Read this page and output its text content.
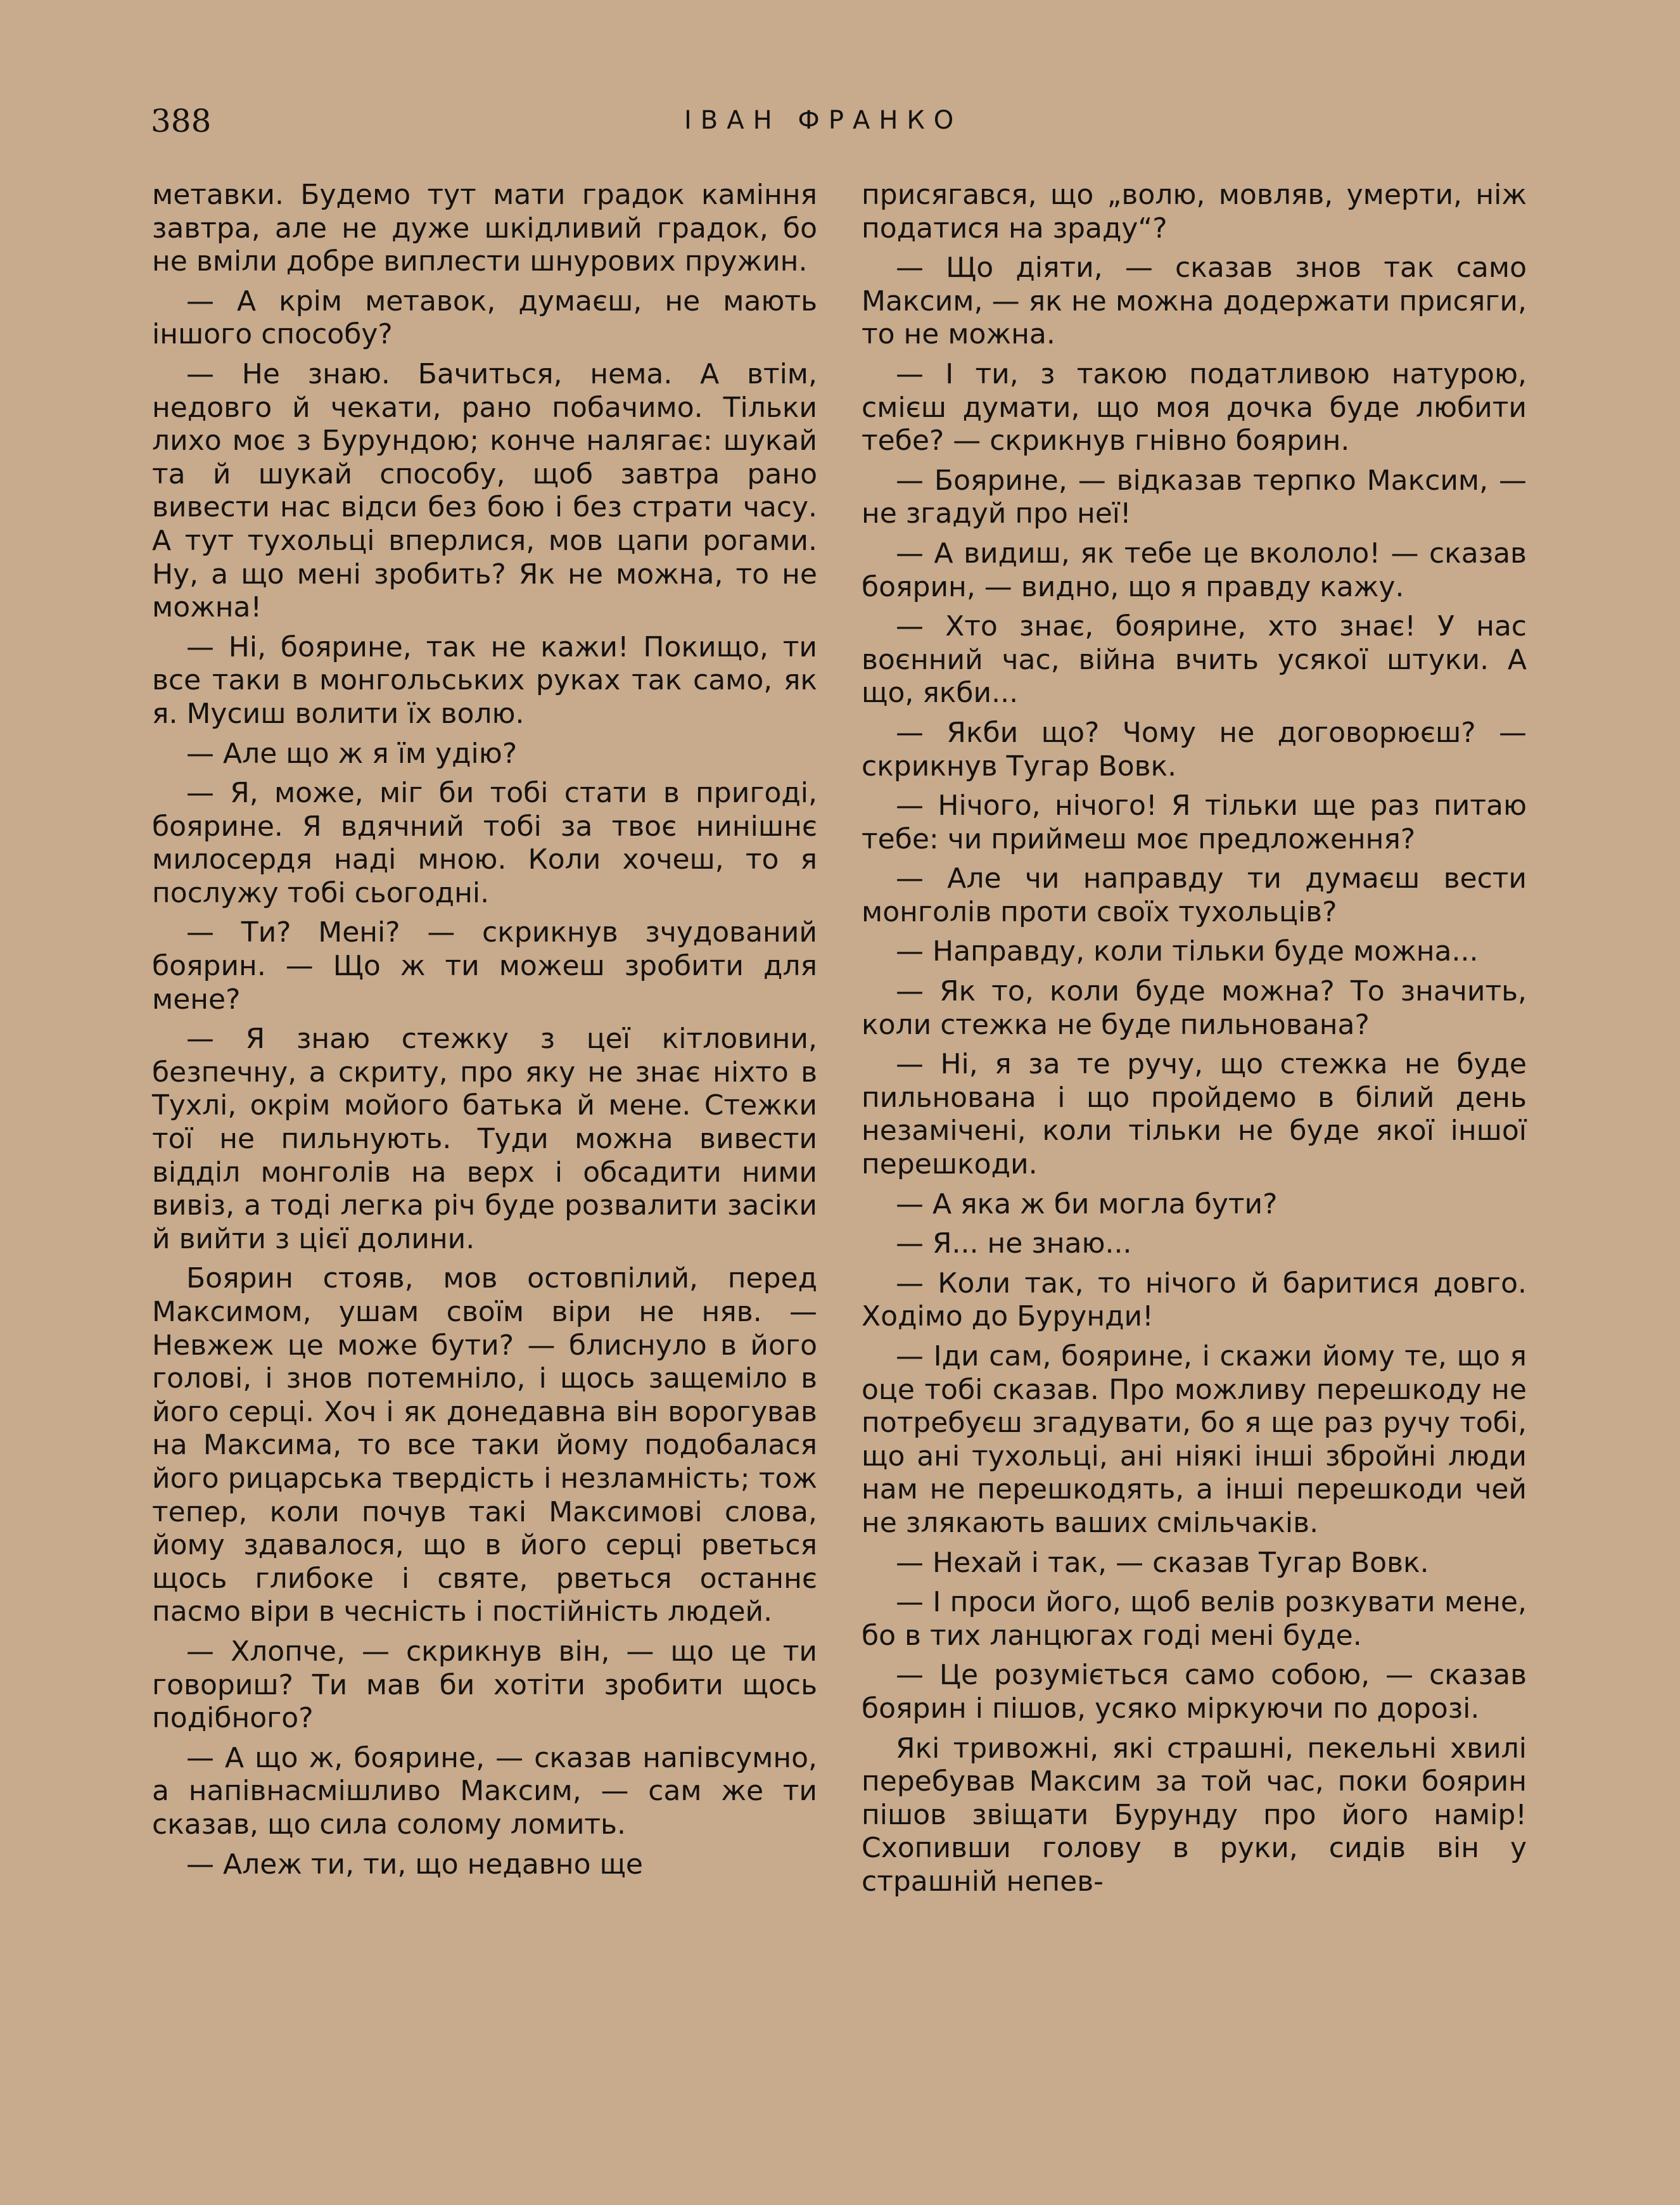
388	ІВАН ФРАНКО

метавки. Будемо тут мати градок каміння завтра, але не дуже шкідливий градок, бо не вміли добре виплести шнурових пружин.

— А крім метавок, думаєш, не мають іншого способу?

— Не знаю. Бачиться, нема. А втім, недовго й чекати, рано побачимо. Тільки лихо моє з Бурундою; конче налягає: шукай та й шукай способу, щоб завтра рано вивести нас відси без бою і без страти часу. А тут тухольці вперлися, мов цапи рогами. Ну, а що мені зробить? Як не можна, то не можна!

— Ні, боярине, так не кажи! Покищо, ти все таки в монгольських руках так само, як я. Мусиш волити їх волю.

— Але що ж я їм удію?

— Я, може, міг би тобі стати в пригоді, боярине. Я вдячний тобі за твоє нинішнє милосердя наді мною. Коли хочеш, то я послужу тобі сьогодні.

— Ти? Мені? — скрикнув зчудований боярин. — Що ж ти можеш зробити для мене?

— Я знаю стежку з цеї кітловини, безпечну, а скриту, про яку не знає ніхто в Тухлі, окрім мойого батька й мене. Стежки тої не пильнують. Туди можна вивести відділ монголів на верх і обсадити ними вивіз, а тоді легка річ буде розвалити засіки й вийти з цієї долини.

Боярин стояв, мов остовпілий, перед Максимом, ушам своїм віри не няв. — Невжеж це може бути? — блиснуло в його голові, і знов потемніло, і щось защеміло в його серці. Хоч і як донедавна він ворогував на Максима, то все таки йому подобалася його рицарська твердість і незламність; тож тепер, коли почув такі Максимові слова, йому здавалося, що в його серці рветься щось глибоке і святе, рветься останнє пасмо віри в чесність і постійність людей.

— Хлопче, — скрикнув він, — що це ти говориш? Ти мав би хотіти зробити щось подібного?

— А що ж, боярине, — сказав напівсумно, а напівнасмішливо Максим, — сам же ти сказав, що сила солому ломить.

— Алеж ти, ти, що недавно ще

присягався, що „волю, мовляв, умерти, ніж податися на зраду“?

— Що діяти, — сказав знов так само Максим, — як не можна додержати присяги, то не можна.

— І ти, з такою податливою натурою, смієш думати, що моя дочка буде любити тебе? — скрикнув гнівно боярин.

— Боярине, — відказав терпко Максим, — не згадуй про неї!

— А видиш, як тебе це вкололо! — сказав боярин, — видно, що я правду кажу.

— Хто знає, боярине, хто знає! У нас воєнний час, війна вчить усякої штуки. А що, якби...

— Якби що? Чому не договорюєш? — скрикнув Тугар Вовк.

— Нічого, нічого! Я тільки ще раз питаю тебе: чи приймеш моє предложення?

— Але чи направду ти думаєш вести монголів проти своїх тухольців?

— Направду, коли тільки буде можна...

— Як то, коли буде можна? То значить, коли стежка не буде пильнована?

— Ні, я за те ручу, що стежка не буде пильнована і що пройдемо в білий день незамічені, коли тільки не буде якої іншої перешкоди.

— А яка ж би могла бути?

— Я... не знаю...

— Коли так, то нічого й баритися довго. Ходімо до Бурунди!

— Іди сам, боярине, і скажи йому те, що я оце тобі сказав. Про можливу перешкоду не потребуєш згадувати, бо я ще раз ручу тобі, що ані тухольці, ані ніякі інші збройні люди нам не перешкодять, а інші перешкоди чей не злякають ваших смільчаків.

— Нехай і так, — сказав Тугар Вовк.

— І проси його, щоб велів розкувати мене, бо в тих ланцюгах годі мені буде.

— Це розуміється само собою, — сказав боярин і пішов, усяко міркуючи по дорозі.

Які тривожні, які страшні, пекельні хвилі перебував Максим за той час, поки боярин пішов звіщати Бурунду про його намір! Схопивши голову в руки, сидів він у страшній непев-
